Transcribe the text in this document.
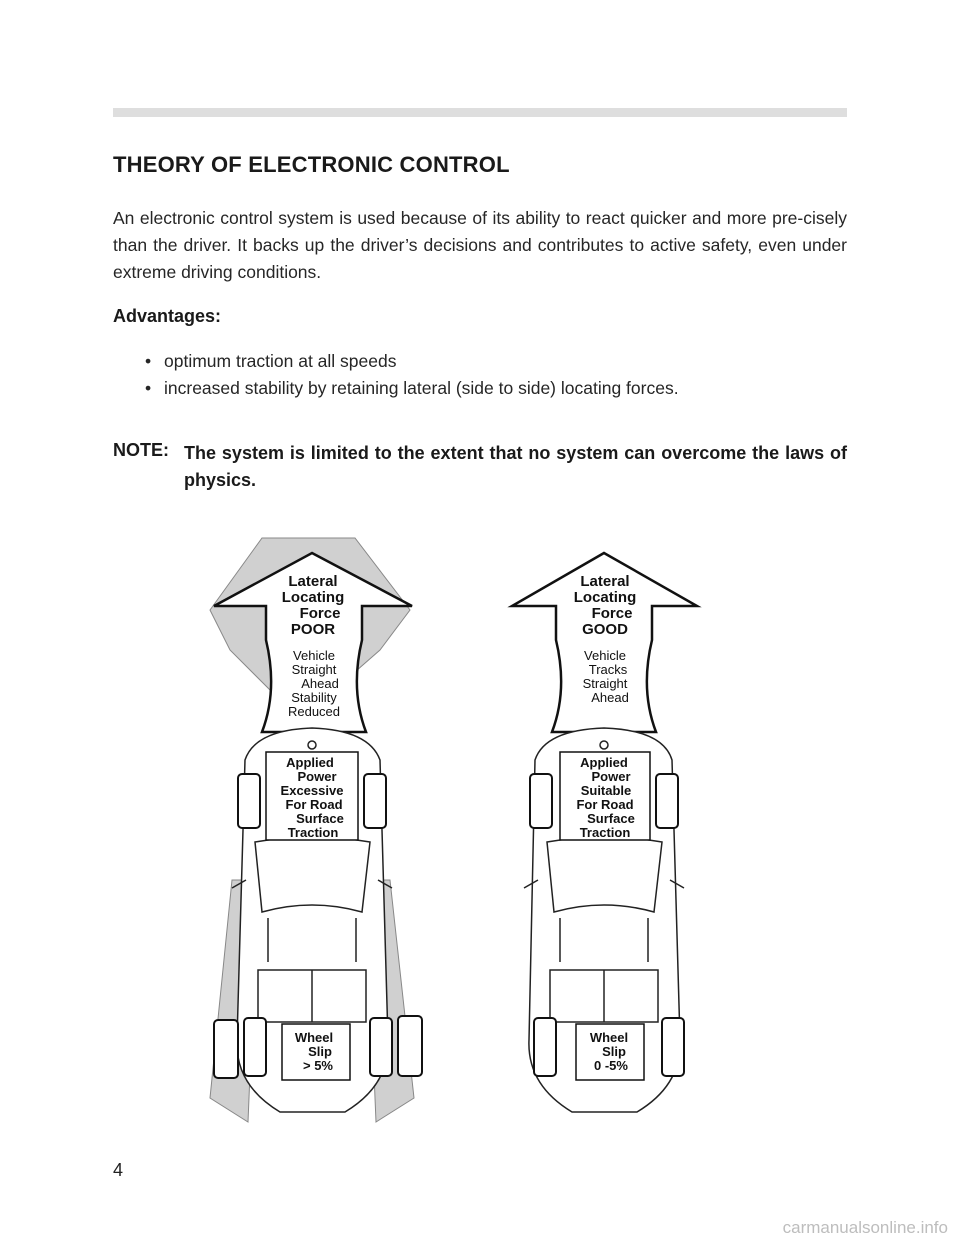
THEORY OF ELECTRONIC CONTROL
An electronic control system is used because of its ability to react quicker and more pre-cisely than the driver. It backs up the driver’s decisions and contributes to active safety, even under extreme driving conditions.
Advantages:
• optimum traction at all speeds
• increased stability by retaining lateral (side to side) locating forces.
NOTE: The system is limited to the extent that no system can overcome the laws of physics.
Lateral
Locating
Force
POOR
Vehicle
Straight
Ahead
Stability
Reduced
Applied
Power
Excessive
For Road
Surface
Traction
Wheel
Slip
> 5%
Lateral
Locating
Force
GOOD
Vehicle
Tracks
Straight
Ahead
Applied
Power
Suitable
For Road
Surface
Traction
Wheel
Slip
0 -5%
4
carmanualsonline.info
